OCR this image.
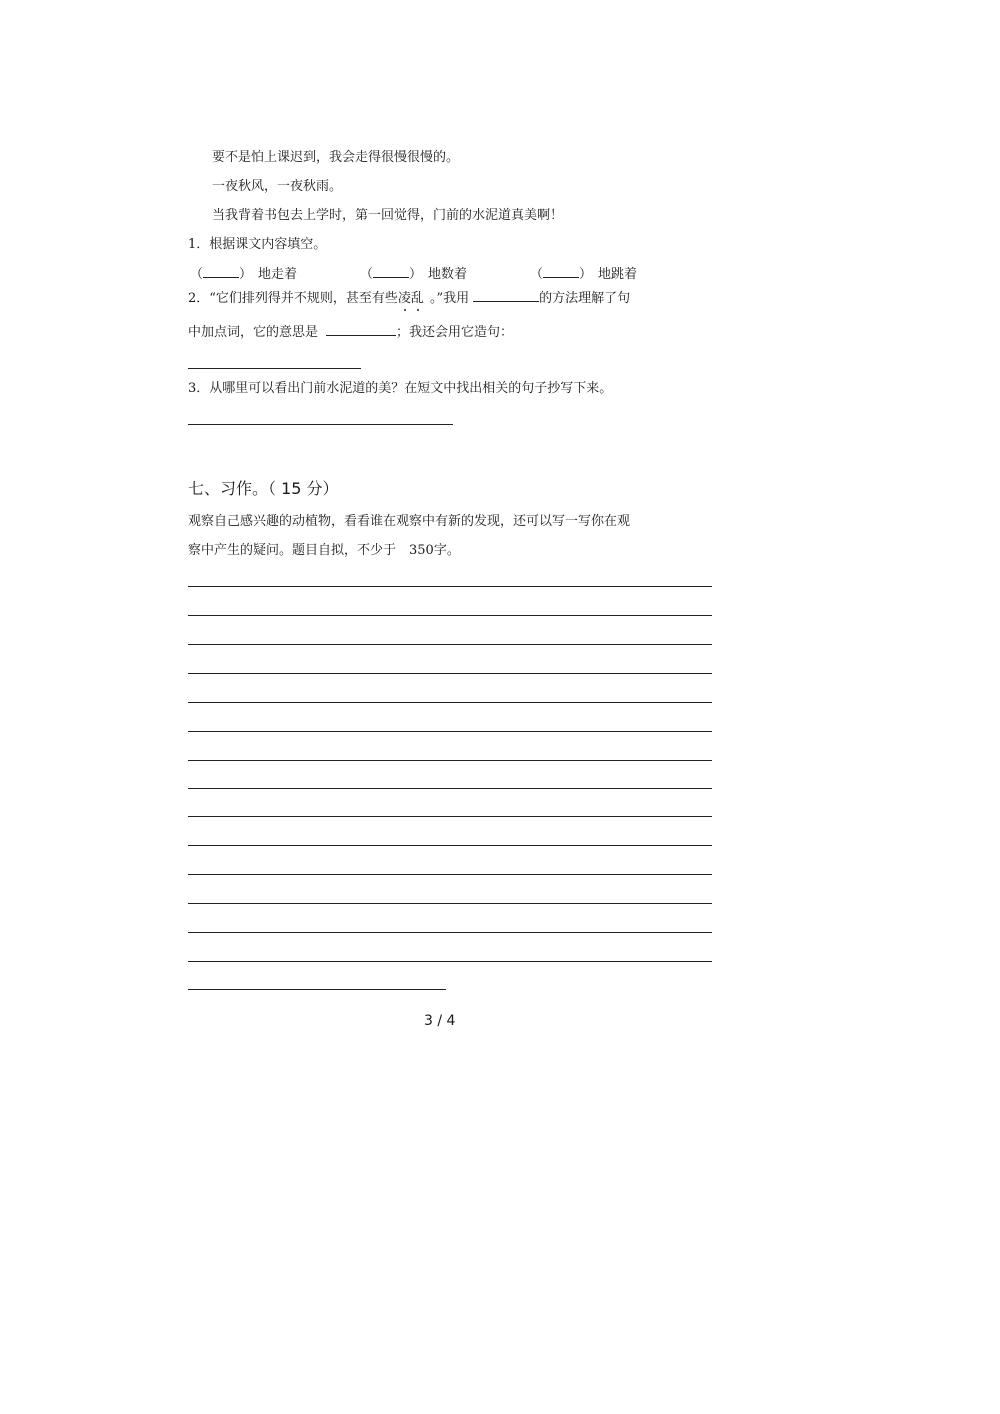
要不是怕上课迟到，我会走得很慢很慢的。
一夜秋风，一夜秋雨。
当我背着书包去上学时，第一回觉得，门前的水泥道真美啊！
1．根据课文内容填空。
（	） 地走着	（	） 地数着	（	） 地跳着
2．“它们排列得并不规则，甚至有些凌乱 。”我用	的方法理解了句
中加点词，它的意思是	；我还会用它造句：
3．从哪里可以看出门前水泥道的美？在短文中找出相关的句子抄写下来。
七、习作。（ 15 分）
观察自己感兴趣的动植物，看看谁在观察中有新的发现，还可以写一写你在观
察中产生的疑问。题目自拟，不少于　350字。
3 / 4
